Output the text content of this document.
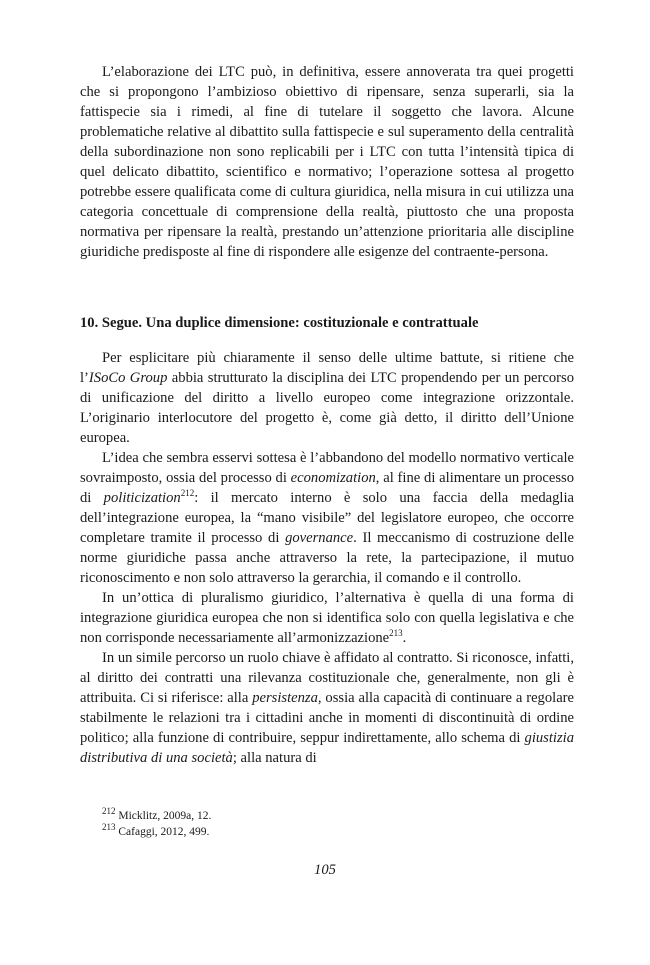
L’elaborazione dei LTC può, in definitiva, essere annoverata tra quei progetti che si propongono l’ambizioso obiettivo di ripensare, senza superarli, sia la fattispecie sia i rimedi, al fine di tutelare il soggetto che lavora. Alcune problematiche relative al dibattito sulla fattispecie e sul superamento della centralità della subordinazione non sono replicabili per i LTC con tutta l’intensità tipica di quel delicato dibattito, scientifico e normativo; l’operazione sottesa al progetto potrebbe essere qualificata come di cultura giuridica, nella misura in cui utilizza una categoria concettuale di comprensione della realtà, piuttosto che una proposta normativa per ripensare la realtà, prestando un’attenzione prioritaria alle discipline giuridiche predisposte al fine di rispondere alle esigenze del contraente-persona.

10. Segue. Una duplice dimensione: costituzionale e contrattuale

Per esplicitare più chiaramente il senso delle ultime battute, si ritiene che l’ISoCo Group abbia strutturato la disciplina dei LTC propendendo per un percorso di unificazione del diritto a livello europeo come integrazione orizzontale. L’originario interlocutore del progetto è, come già detto, il diritto dell’Unione europea.

L’idea che sembra esservi sottesa è l’abbandono del modello normativo verticale sovraimposto, ossia del processo di economization, al fine di alimentare un processo di politicization$^{212}$: il mercato interno è solo una faccia della medaglia dell’integrazione europea, la “mano visibile” del legislatore europeo, che occorre completare tramite il processo di governance. Il meccanismo di costruzione delle norme giuridiche passa anche attraverso la rete, la partecipazione, il mutuo riconoscimento e non solo attraverso la gerarchia, il comando e il controllo.

In un’ottica di pluralismo giuridico, l’alternativa è quella di una forma di integrazione giuridica europea che non si identifica solo con quella legislativa e che non corrisponde necessariamente all’armonizzazione$^{213}$.

In un simile percorso un ruolo chiave è affidato al contratto. Si riconosce, infatti, al diritto dei contratti una rilevanza costituzionale che, generalmente, non gli è attribuita. Ci si riferisce: alla persistenza, ossia alla capacità di continuare a regolare stabilmente le relazioni tra i cittadini anche in momenti di discontinuità di ordine politico; alla funzione di contribuire, seppur indirettamente, allo schema di giustizia distributiva di una società; alla natura di

$^{212}$ Micklitz, 2009a, 12.
$^{213}$ Cafaggi, 2012, 499.
105
